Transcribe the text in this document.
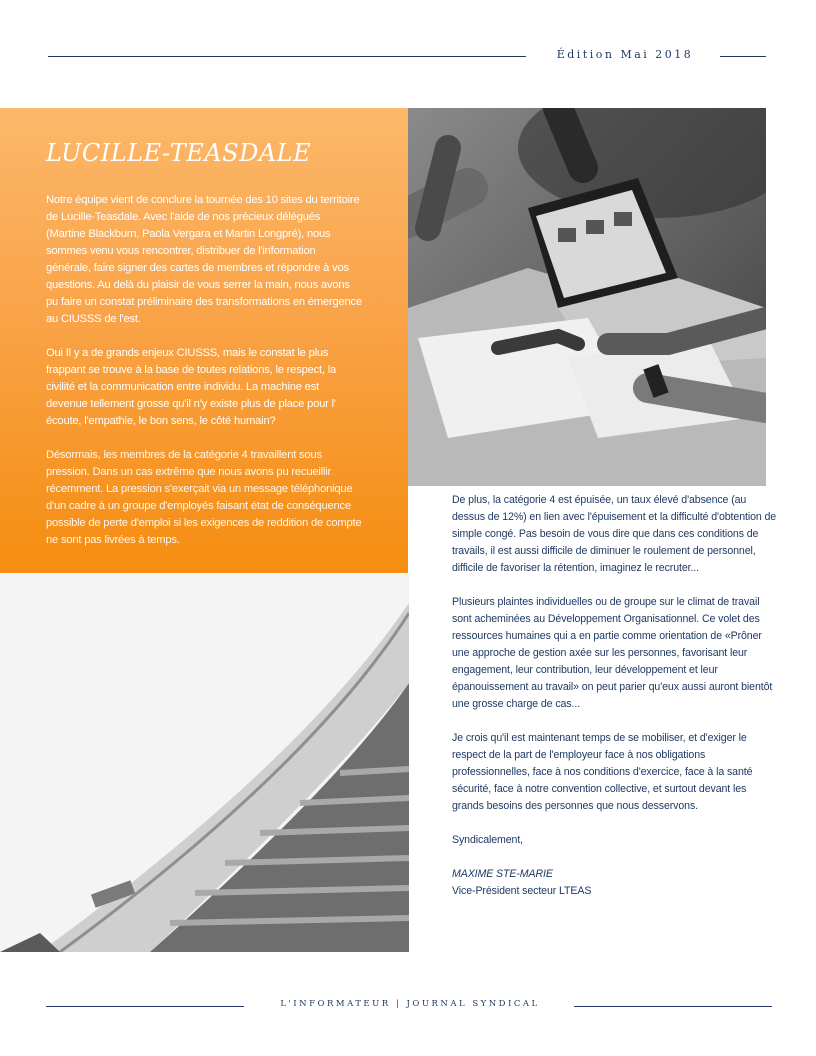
Édition Mai 2018
LUCILLE-TEASDALE

Notre équipe vient de conclure la tournée des 10 sites du territoire de Lucille-Teasdale. Avec l'aide de nos précieux délégués (Martine Blackburn, Paola Vergara et Martin Longpré), nous sommes venu vous rencontrer, distribuer de l'information générale, faire signer des cartes de membres et répondre à vos questions. Au delà du plaisir de vous serrer la main, nous avons pu faire un constat préliminaire des transformations en émergence au CIUSSS de l'est.

Oui Il y a de grands enjeux CIUSSS, mais le constat le plus frappant se trouve à la base de toutes relations, le respect, la civilité et la communication entre individu. La machine est devenue tellement grosse qu'il n'y existe plus de place pour l' écoute, l'empathie, le bon sens, le côté humain?

Désormais, les membres de la catégorie 4 travaillent sous pression. Dans un cas extrême que nous avons pu recueillir récemment. La pression s'exerçait via un message téléphonique d'un cadre à un groupe d'employés faisant état de conséquence possible de perte d'emploi si les exigences de reddition de compte ne sont pas livrées à temps.

De plus, la catégorie 4 est épuisée, un taux élevé d'absence (au dessus de 12%) en lien avec l'épuisement et la difficulté d'obtention de simple congé. Pas besoin de vous dire que dans ces conditions de travails, il est aussi difficile de diminuer le roulement de personnel, difficile de favoriser la rétention, imaginez le recruter...

Plusieurs plaintes individuelles ou de groupe sur le climat de travail sont acheminées au Développement Organisationnel. Ce volet des ressources humaines qui a en partie comme orientation de «Prôner une approche de gestion axée sur les personnes, favorisant leur engagement, leur contribution, leur développement et leur épanouissement au travail» on peut parier qu'eux aussi auront bientôt une grosse charge de cas...

Je crois qu'il est maintenant temps de se mobiliser, et d'exiger le respect de la part de l'employeur face à nos obligations professionnelles, face à nos conditions d'exercice, face à la santé sécurité, face à notre convention collective, et surtout devant les grands besoins des personnes que nous desservons.

Syndicalement,

MAXIME STE-MARIE
Vice-Président secteur LTEAS
L'INFORMATEUR | JOURNAL SYNDICAL
